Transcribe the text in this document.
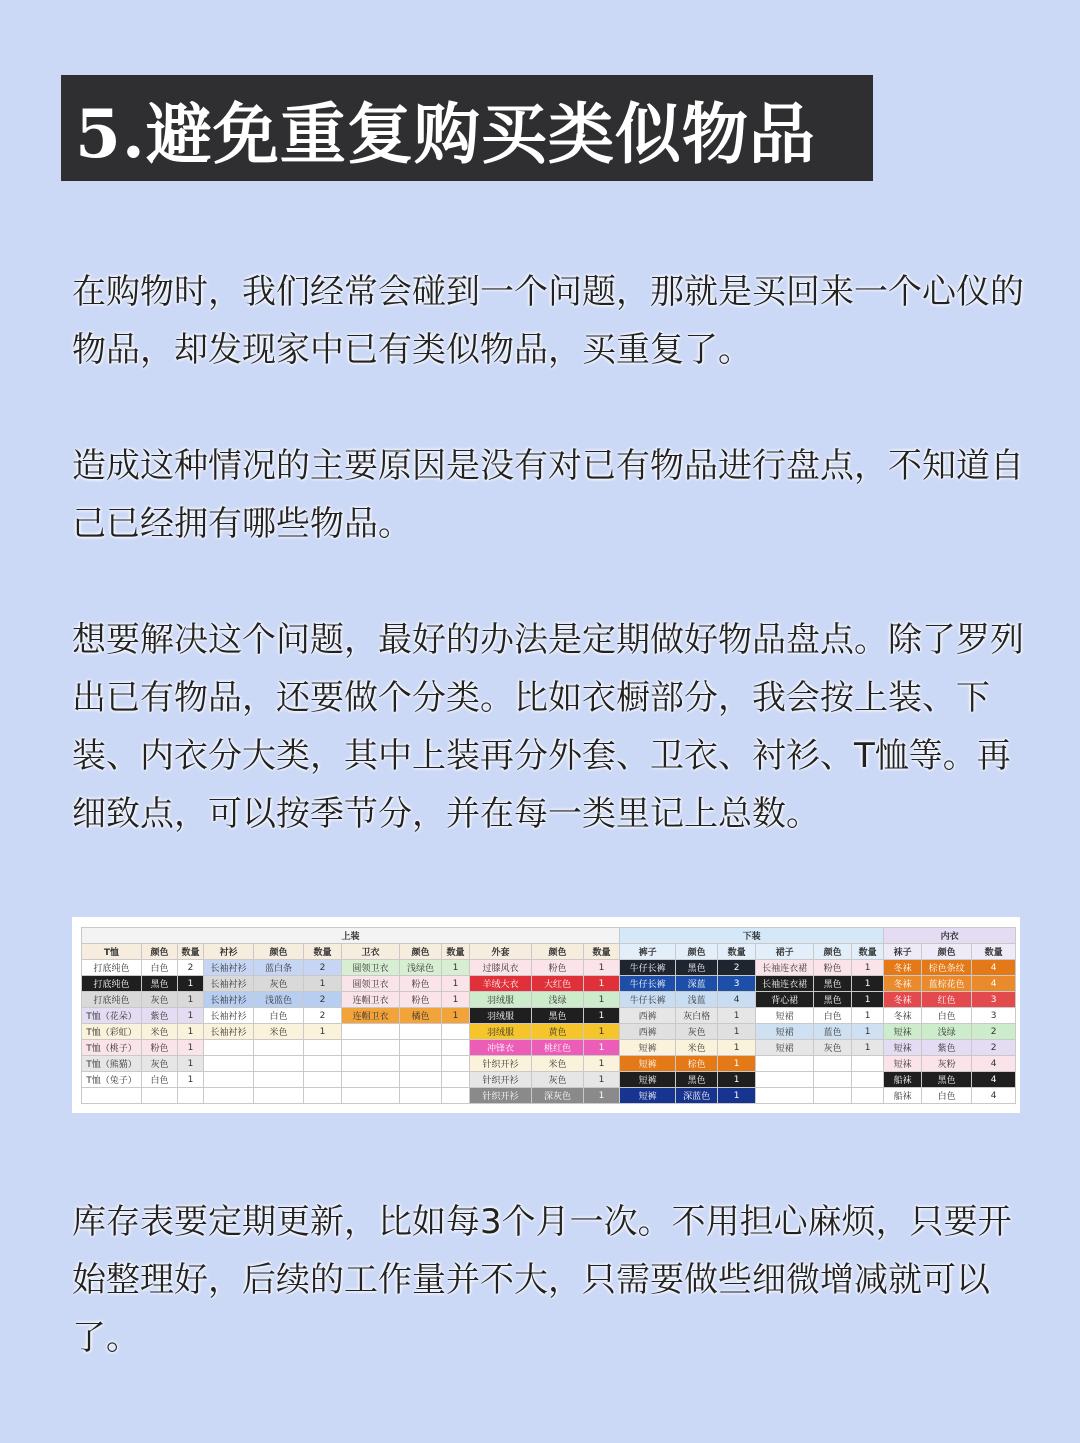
5.避免重复购买类似物品

在购物时，我们经常会碰到一个问题，那就是买回来一个心仪的物品，却发现家中已有类似物品，买重复了。

造成这种情况的主要原因是没有对已有物品进行盘点，不知道自己已经拥有哪些物品。

想要解决这个问题，最好的办法是定期做好物品盘点。除了罗列出已有物品，还要做个分类。比如衣橱部分，我会按上装、下装、内衣分大类，其中上装再分外套、卫衣、衬衫、T恤等。再细致点，可以按季节分，并在每一类里记上总数。

上装												下装						内衣		
T恤	颜色	数量	衬衫	颜色	数量	卫衣	颜色	数量	外套	颜色	数量	裤子	颜色	数量	裙子	颜色	数量	袜子	颜色	数量
打底纯色	白色	2	长袖衬衫	蓝白条	2	圆领卫衣	浅绿色	1	过膝风衣	粉色	1	牛仔长裤	黑色	2	长袖连衣裙	粉色	1	冬袜	棕色条纹	4
打底纯色	黑色	1	长袖衬衫	灰色	1	圆领卫衣	粉色	1	羊绒大衣	大红色	1	牛仔长裤	深蓝	3	长袖连衣裙	黑色	1	冬袜	蓝棕花色	4
打底纯色	灰色	1	长袖衬衫	浅蓝色	2	连帽卫衣	粉色	1	羽绒服	浅绿	1	牛仔长裤	浅蓝	4	背心裙	黑色	1	冬袜	红色	3
T恤（花朵）	紫色	1	长袖衬衫	白色	2	连帽卫衣	橘色	1	羽绒服	黑色	1	西裤	灰白格	1	短裙	白色	1	冬袜	白色	3
T恤（彩虹）	米色	1	长袖衬衫	米色	1				羽绒服	黄色	1	西裤	灰色	1	短裙	蓝色	1	短袜	浅绿	2
T恤（桃子）	粉色	1							冲锋衣	桃红色	1	短裤	米色	1	短裙	灰色	1	短袜	紫色	2
T恤（熊猫）	灰色	1							针织开衫	米色	1	短裤	棕色	1				短袜	灰粉	4
T恤（兔子）	白色	1							针织开衫	灰色	1	短裤	黑色	1				船袜	黑色	4
									针织开衫	深灰色	1	短裤	深蓝色	1				船袜	白色	4

库存表要定期更新，比如每3个月一次。不用担心麻烦，只要开始整理好，后续的工作量并不大，只需要做些细微增减就可以了。
